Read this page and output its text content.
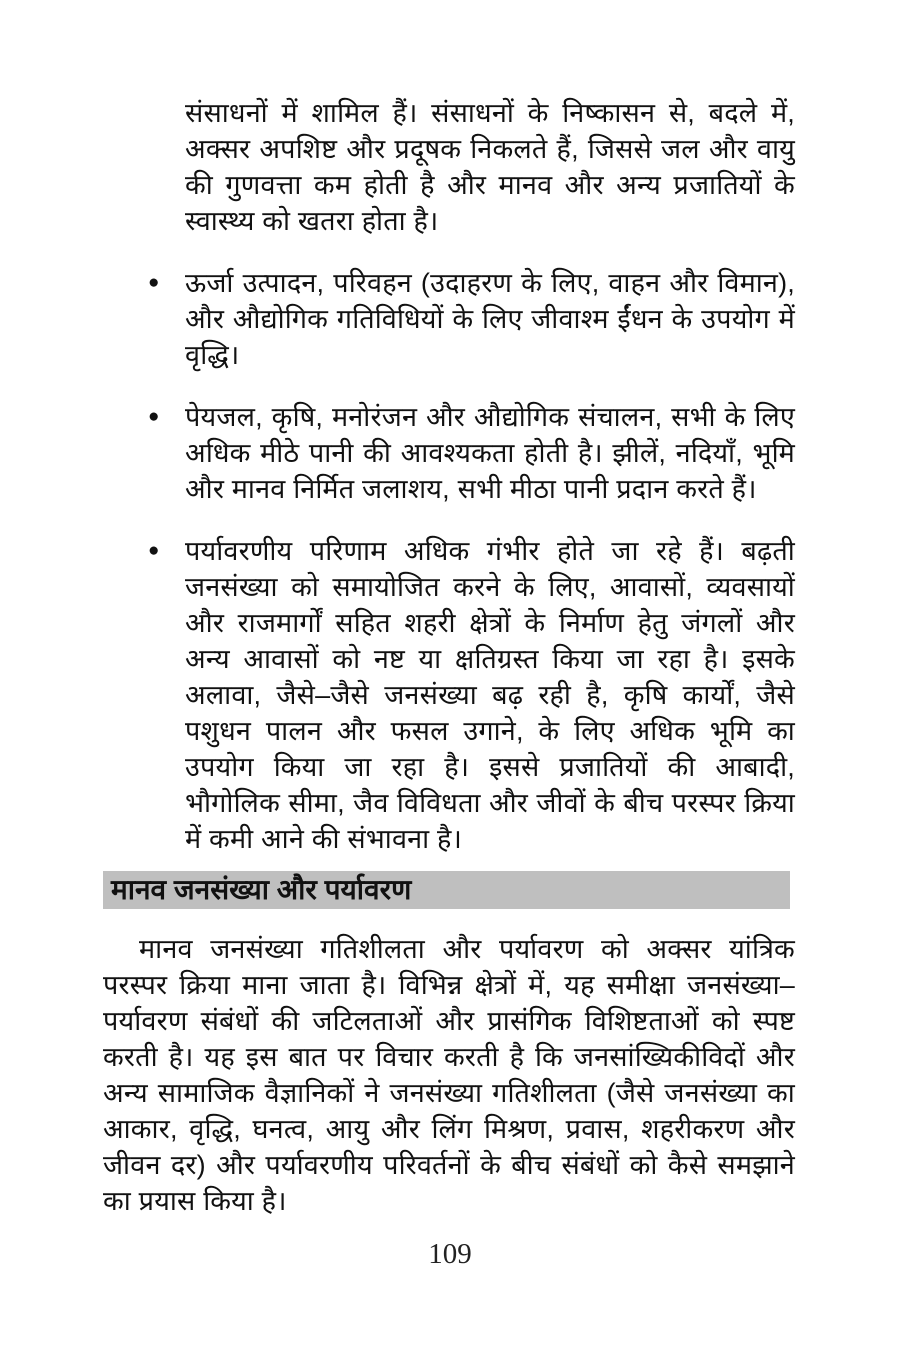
संसाधनों में शामिल हैं। संसाधनों के निष्कासन से, बदले में, अक्सर अपशिष्ट और प्रदूषक निकलते हैं, जिससे जल और वायु की गुणवत्ता कम होती है और मानव और अन्य प्रजातियों के स्वास्थ्य को खतरा होता है।

● ऊर्जा उत्पादन, परिवहन (उदाहरण के लिए, वाहन और विमान), और औद्योगिक गतिविधियों के लिए जीवाश्म ईंधन के उपयोग में वृद्धि।
● पेयजल, कृषि, मनोरंजन और औद्योगिक संचालन, सभी के लिए अधिक मीठे पानी की आवश्यकता होती है। झीलें, नदियाँ, भूमि और मानव निर्मित जलाशय, सभी मीठा पानी प्रदान करते हैं।
● पर्यावरणीय परिणाम अधिक गंभीर होते जा रहे हैं। बढ़ती जनसंख्या को समायोजित करने के लिए, आवासों, व्यवसायों और राजमार्गों सहित शहरी क्षेत्रों के निर्माण हेतु जंगलों और अन्य आवासों को नष्ट या क्षतिग्रस्त किया जा रहा है। इसके अलावा, जैसे–जैसे जनसंख्या बढ़ रही है, कृषि कार्यों, जैसे पशुधन पालन और फसल उगाने, के लिए अधिक भूमि का उपयोग किया जा रहा है। इससे प्रजातियों की आबादी, भौगोलिक सीमा, जैव विविधता और जीवों के बीच परस्पर क्रिया में कमी आने की संभावना है।
मानव जनसंख्या और पर्यावरण

मानव जनसंख्या गतिशीलता और पर्यावरण को अक्सर यांत्रिक परस्पर क्रिया माना जाता है। विभिन्न क्षेत्रों में, यह समीक्षा जनसंख्या–पर्यावरण संबंधों की जटिलताओं और प्रासंगिक विशिष्टताओं को स्पष्ट करती है। यह इस बात पर विचार करती है कि जनसांख्यिकीविदों और अन्य सामाजिक वैज्ञानिकों ने जनसंख्या गतिशीलता (जैसे जनसंख्या का आकार, वृद्धि, घनत्व, आयु और लिंग मिश्रण, प्रवास, शहरीकरण और जीवन दर) और पर्यावरणीय परिवर्तनों के बीच संबंधों को कैसे समझाने का प्रयास किया है।

109
